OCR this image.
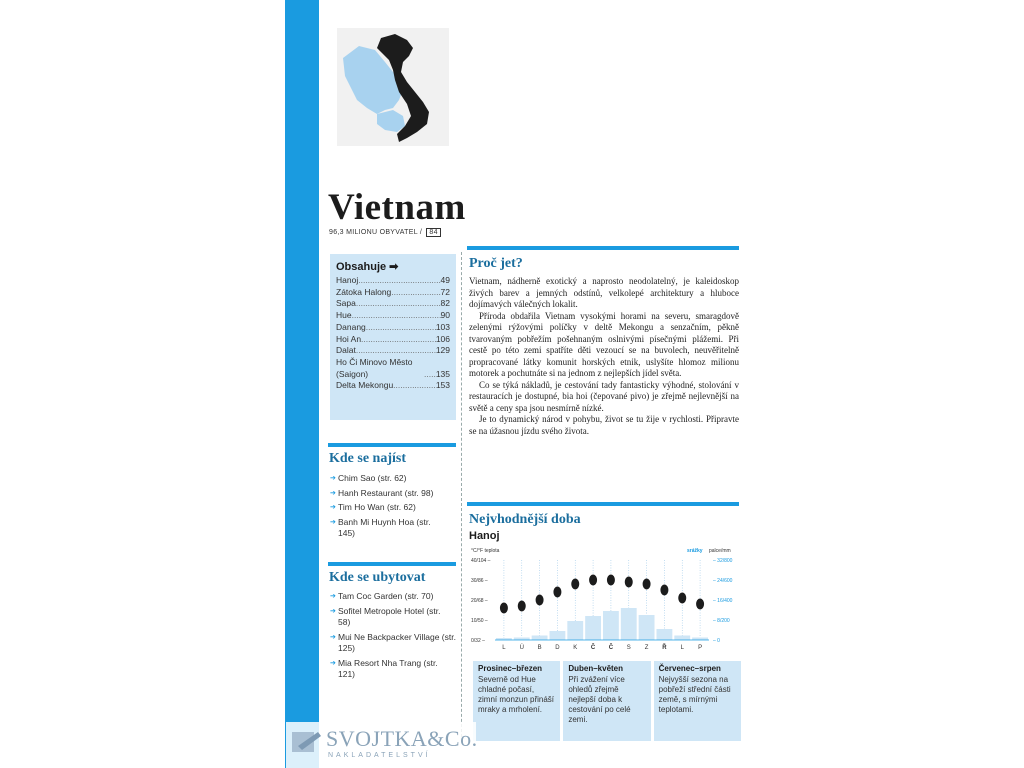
Vietnam
96,3 MILIONU OBYVATEL / 84
Obsahuje ➡
Hanoj .....	49
Zátoka Halong .....	72
Sapa .....	82
Hue .....	90
Danang .....	103
Hoi An .....	106
Dalat .....	129
Ho Či Minovo Město (Saigon) .....	135
Delta Mekongu .....	153
Kde se najíst
➔ Chim Sao (str. 62)
➔ Hanh Restaurant (str. 98)
➔ Tim Ho Wan (str. 62)
➔ Banh Mi Huynh Hoa (str. 145)
Kde se ubytovat
➔ Tam Coc Garden (str. 70)
➔ Sofitel Metropole Hotel (str. 58)
➔ Mui Ne Backpacker Village (str. 125)
➔ Mia Resort Nha Trang (str. 121)
Proč jet?

Vietnam, nádherně exotický a naprosto neodolatelný, je kaleidoskop živých barev a jemných odstínů, velkolepé architektury a hluboce dojímavých válečných lokalit.

Příroda obdařila Vietnam vysokými horami na severu, smaragdově zelenými rýžovými políčky v deltě Mekongu a senzačním, pěkně tvarovaným pobřežím pošehnaným oslnivými písečnými plážemi. Při cestě po této zemi spatříte děti vezoucí se na buvolech, neuvěřitelně propracované látky komunit horských etnik, uslyšíte hlomoz milionu motorek a pochutnáte si na jednom z nejlepších jídel světa.

Co se týká nákladů, je cestování tady fantasticky výhodné, stolování v restauracích je dostupné, bia hoi (čepované pivo) je zřejmě nejlevnější na světě a ceny spa jsou nesmírně nízké.

Je to dynamický národ v pohybu, život se tu žije v rychlosti. Připravte se na úžasnou jízdu svého života.

Nejvhodnější doba
Hanoj
°C/°F teplota	srážky palce/mm
40/104 –	– 32/800
30/86 –	– 24/600
20/68 –	– 16/400
10/50 –	– 8/200
0/32 –	– 0
L Ú B D K Č Č S Z Ř L P
Prosinec–březen
Severně od Hue chladné počasí, zimní monzun přináší mraky a mrholení.
Duben–květen
Při zvážení více ohledů zřejmě nejlepší doba k cestování po celé zemi.
Červenec–srpen
Nejvyšší sezona na pobřeží střední části země, s mírnými teplotami.
SVOJTKA&Co.
NAKLADATELSTVÍ
